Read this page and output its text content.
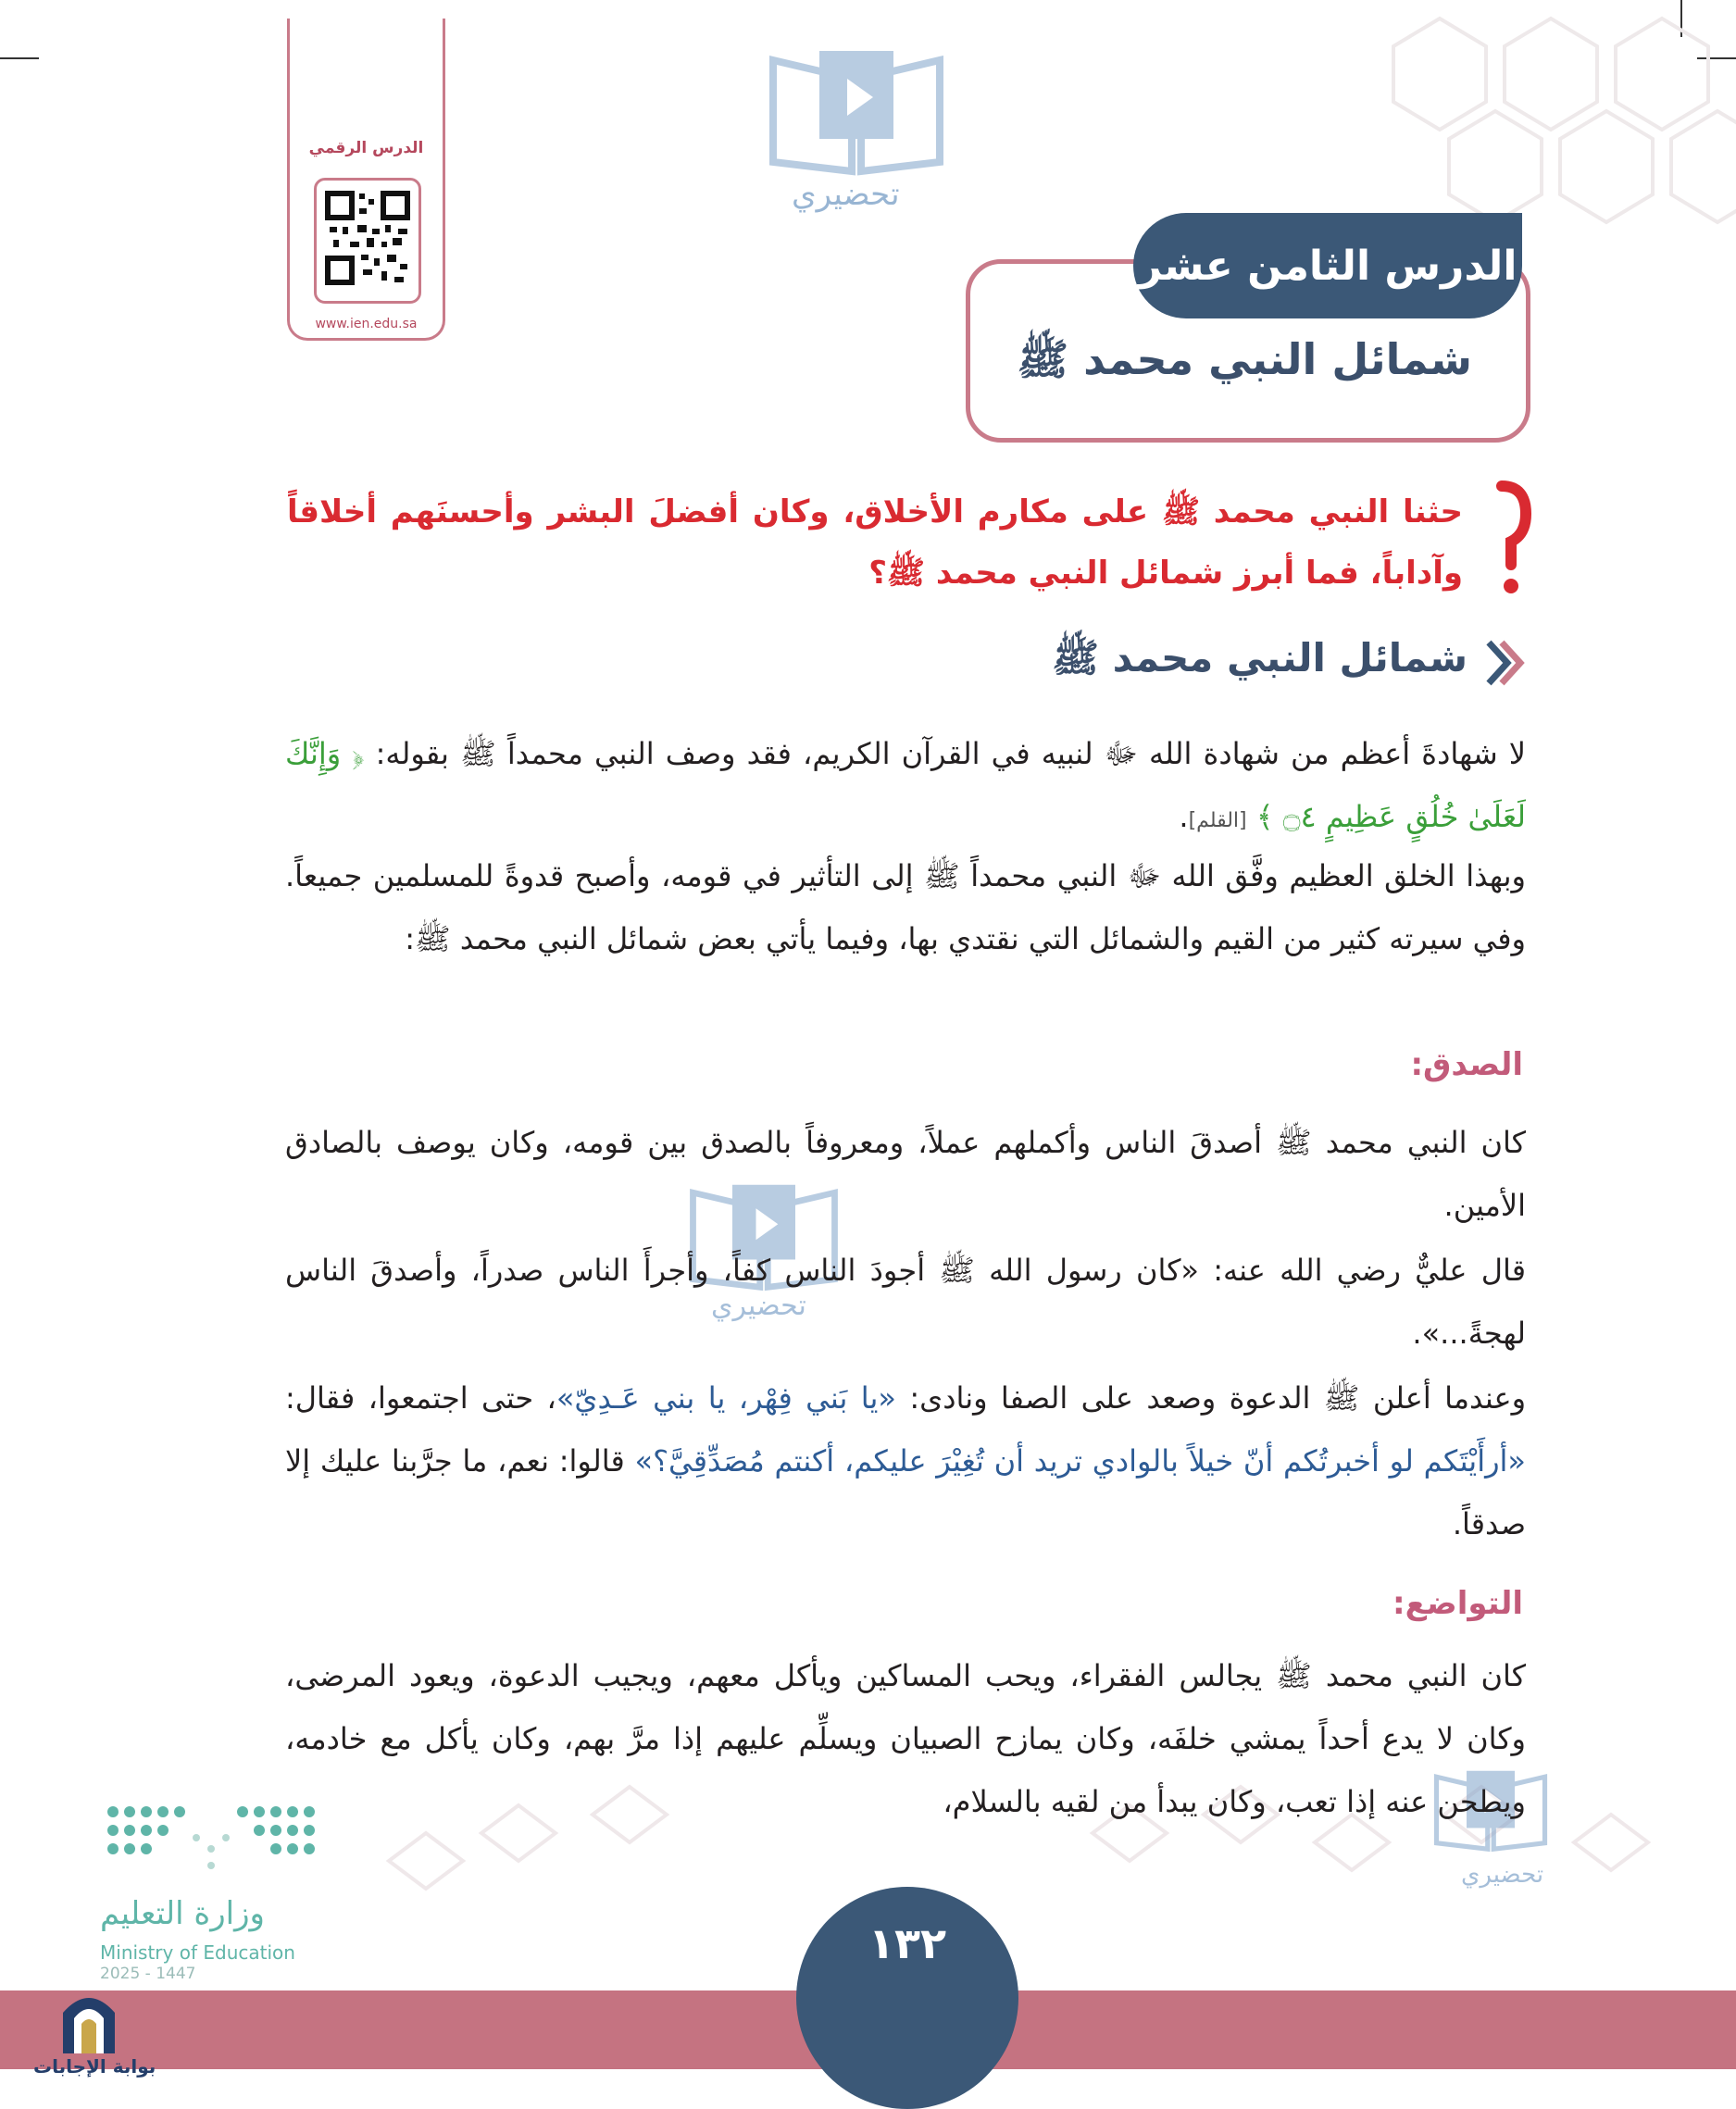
الدرس الرقمي
www.ien.edu.sa
تحضيري
تحضيري
تحضيري
الدرس الثامن عشر
شمائل النبي محمد ﷺ
حثنا النبي محمد ﷺ على مكارم الأخلاق، وكان أفضلَ البشر وأحسنَهم أخلاقاً وآداباً، فما أبرز شمائل النبي محمد ﷺ؟
شمائل النبي محمد ﷺ
لا شهادةَ أعظم من شهادة الله ﷻ لنبيه في القرآن الكريم، فقد وصف النبي محمداً ﷺ بقوله: ﴿ وَإِنَّكَ لَعَلَىٰ خُلُقٍ عَظِيمٍ ۝٤ ﴾ [القلم].
وبهذا الخلق العظيم وفَّق الله ﷻ النبي محمداً ﷺ إلى التأثير في قومه، وأصبح قدوةً للمسلمين جميعاً. وفي سيرته كثير من القيم والشمائل التي نقتدي بها، وفيما يأتي بعض شمائل النبي محمد ﷺ:
الصدق:
كان النبي محمد ﷺ أصدقَ الناس وأكملهم عملاً، ومعروفاً بالصدق بين قومه، وكان يوصف بالصادق الأمين.
قال عليٌّ رضي الله عنه: «كان رسول الله ﷺ أجودَ الناس كفاً، وأجرأَ الناس صدراً، وأصدقَ الناس لهجةً...».
وعندما أعلن ﷺ الدعوة وصعد على الصفا ونادى: «يا بَني فِهْر، يا بني عَـدِيّ»، حتى اجتمعوا، فقال: «أرأَيْتَكم لو أخبرتُكم أنّ خيلاً بالوادي تريد أن تُغِيْرَ عليكم، أكنتم مُصَدِّقِيَّ؟» قالوا: نعم، ما جرَّبنا عليك إلا صدقاً.
التواضع:
كان النبي محمد ﷺ يجالس الفقراء، ويحب المساكين ويأكل معهم، ويجيب الدعوة، ويعود المرضى، وكان لا يدع أحداً يمشي خلفَه، وكان يمازح الصبيان ويسلِّم عليهم إذا مرَّ بهم، وكان يأكل مع خادمه، ويطحن عنه إذا تعب، وكان يبدأ من لقيه بالسلام،
١٣٢
وزارة التعليم
Ministry of Education
2025 - 1447
بوابة الإجابات
